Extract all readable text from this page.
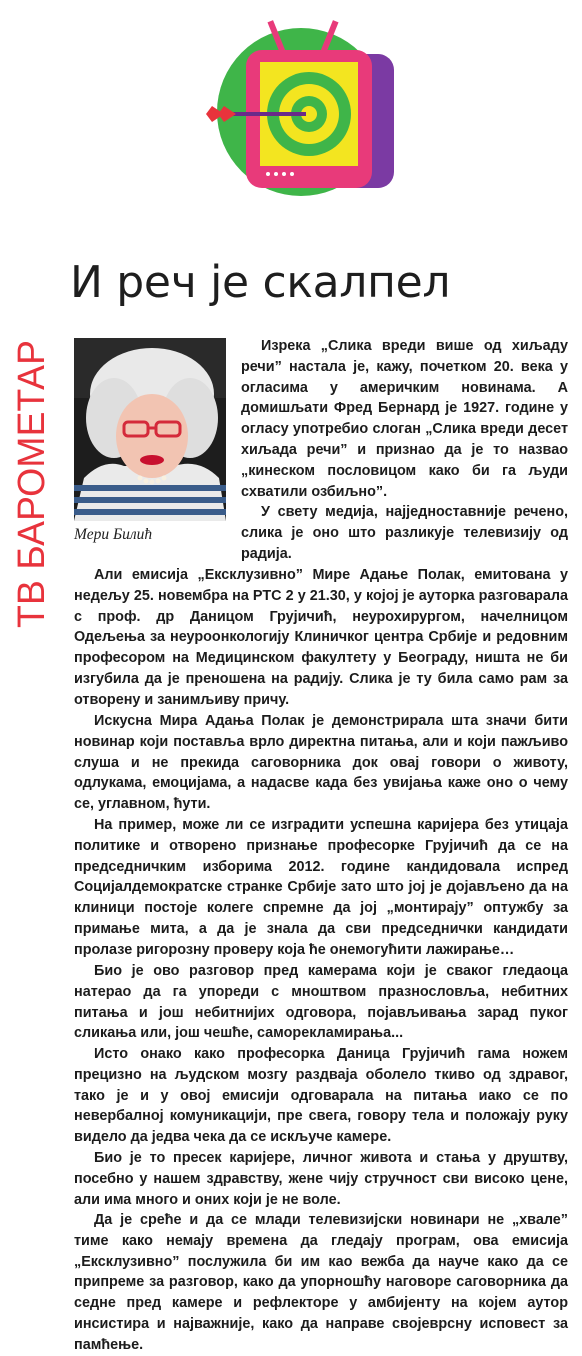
И реч је скалпел
ТВ БАРОМЕТАР Мери Билић

Изрека „Слика вреди више од хиљаду речи” настала је, кажу, почетком 20. века у огласима у америчким новинама. А домишљати Фред Бернард је 1927. године у огласу употребио слоган „Слика вреди десет хиљада речи” и признао да је то назвао „кинеском пословицом како би га људи схватили озбиљно”.

У свету медија, најједноставније речено, слика је оно што разликује телевизију од радија.

Али емисија „Ексклузивно” Мире Адање Полак, емитована у недељу 25. новембра на РТС 2 у 21.30, у којој је ауторка разговарала с проф. др Даницом Грујичић, неурохирургом, начелницом Одељења за неуроонкологију Клиничког центра Србије и редовним професором на Медицинском факултету у Београду, ништа не би изгубила да је пренoшена на радију. Слика је ту била само рам за отворену и занимљиву причу.

Искусна Мира Адања Полак је демонстрирала шта значи бити новинар који поставља врло директна питања, али и који пажљиво слуша и не прекида саговорника док овај говори о животу, одлукама, емоцијама, а надасве када без увијања каже оно о чему се, углавном, ћути.

На пример, може ли се изградити успешна каријера без утицаја политике и отворено признање професорке Грујичић да се на председничким изборима 2012. године кандидовала испред Социјалдемократске странке Србије зато што јој је дојављено да на клиници постоје колеге спремне да јој „монтирају” оптужбу за примање мита, а да је знала да сви председнички кандидати пролазе ригорозну проверу која ће онемогућити лажирање…

Био је ово разговор пред камерама који је сваког гледаоца натерао да га упореди с мноштвом празнословља, небитних питања и још небитнијих одговора, појављивања зарад пуког сликања или, још чешће, саморекламирања...

Исто онако како професорка Даница Грујичић гама ножем прецизно на људском мозгу раздваја оболело ткиво од здравог, тако је и у овој емисији одговарала на питања иако се по невербалној комуникацији, пре свега, говору тела и положају руку видело да једва чека да се искључе камере.

Био је то пресек каријере, личног живота и стања у друштву, посебно у нашем здравству, жене чију стручност сви високо цене, али има много и оних који је не воле.

Да је среће и да се млади телевизијски новинари не „хвале” тиме како немају времена да гледају програм, ова емисија „Ексклузивно” послужила би им као вежба да науче како да се припреме за разговор, како да упорношћу наговоре саговорника да седне пред камере и рефлекторе у амбијенту на којем аутор инсистира и најважније, како да направе својеврсну исповест за памћење.
